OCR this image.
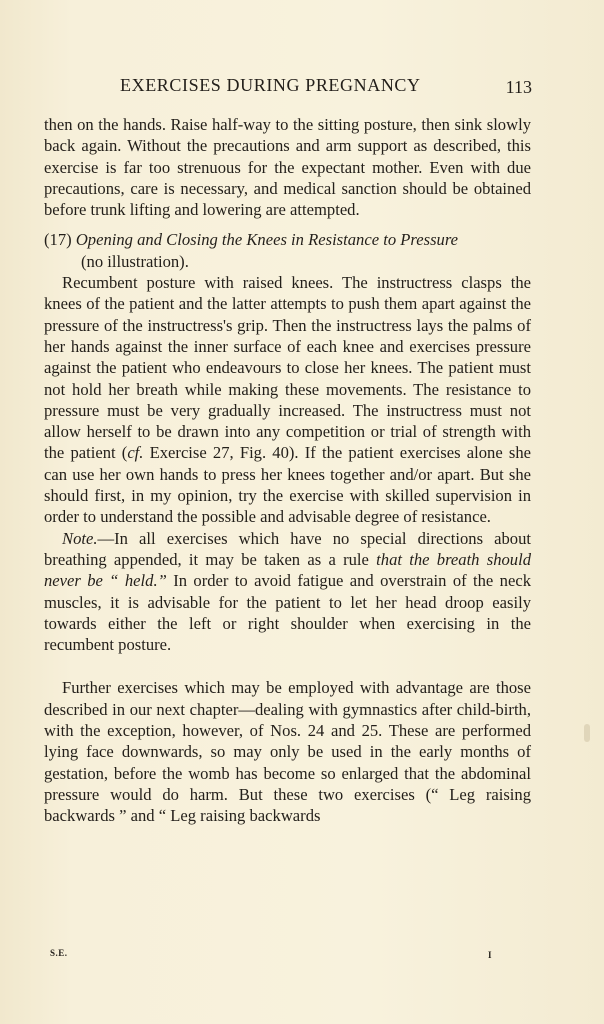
EXERCISES DURING PREGNANCY	113

then on the hands. Raise half-way to the sitting posture, then sink slowly back again. Without the precautions and arm support as described, this exercise is far too strenuous for the expectant mother. Even with due precautions, care is necessary, and medical sanction should be obtained before trunk lifting and lowering are attempted.

(17) Opening and Closing the Knees in Resistance to Pressure
(no illustration).

Recumbent posture with raised knees. The instructress clasps the knees of the patient and the latter attempts to push them apart against the pressure of the instructress's grip. Then the instructress lays the palms of her hands against the inner surface of each knee and exercises pressure against the patient who endeavours to close her knees. The patient must not hold her breath while making these movements. The resistance to pressure must be very gradually increased. The instructress must not allow herself to be drawn into any competition or trial of strength with the patient (cf. Exercise 27, Fig. 40). If the patient exercises alone she can use her own hands to press her knees together and/or apart. But she should first, in my opinion, try the exercise with skilled supervision in order to understand the possible and advisable degree of resistance.

Note.—In all exercises which have no special directions about breathing appended, it may be taken as a rule that the breath should never be “ held.” In order to avoid fatigue and overstrain of the neck muscles, it is advisable for the patient to let her head droop easily towards either the left or right shoulder when exercising in the recumbent posture.

Further exercises which may be employed with advantage are those described in our next chapter—dealing with gymnastics after child-birth, with the exception, however, of Nos. 24 and 25. These are performed lying face downwards, so may only be used in the early months of gestation, before the womb has become so enlarged that the abdominal pressure would do harm. But these two exercises (“ Leg raising backwards ” and “ Leg raising backwards

S.E.	I
